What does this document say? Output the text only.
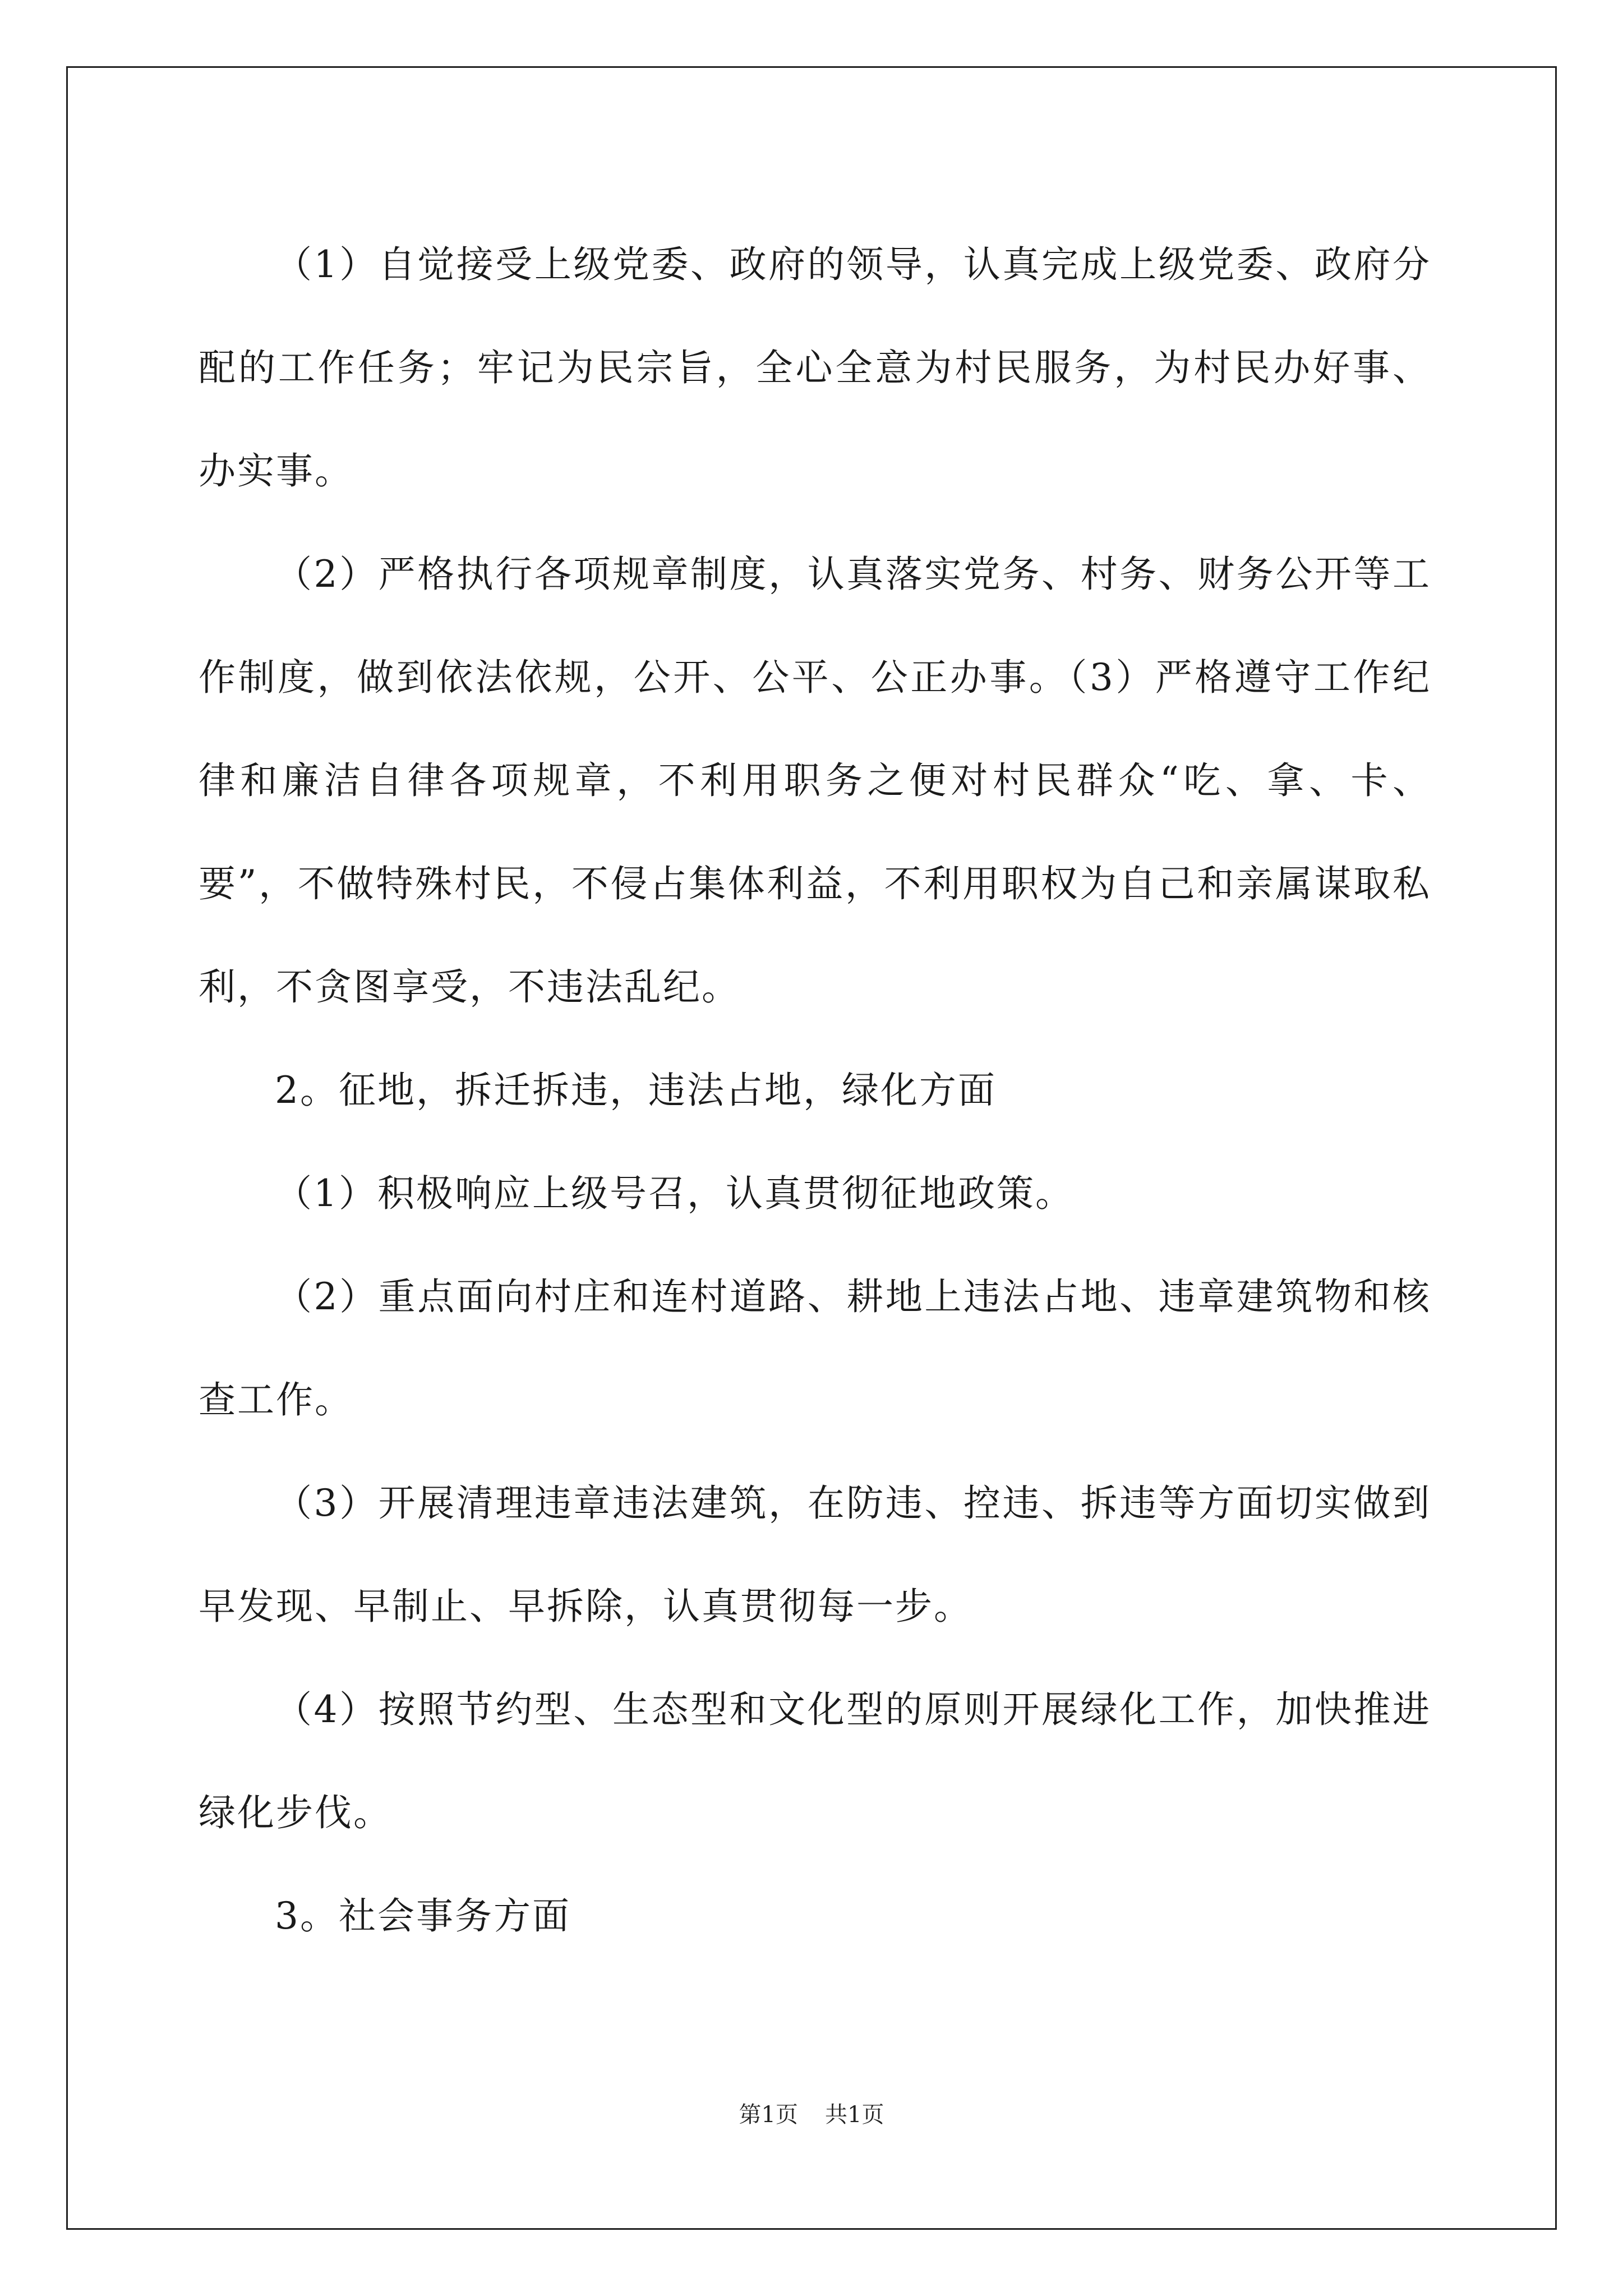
（1）自觉接受上级党委、政府的领导，认真完成上级党委、政府分配的工作任务；牢记为民宗旨，全心全意为村民服务，为村民办好事、办实事。

（2）严格执行各项规章制度，认真落实党务、村务、财务公开等工作制度，做到依法依规，公开、公平、公正办事。（3）严格遵守工作纪律和廉洁自律各项规章，不利用职务之便对村民群众“吃、拿、卡、要”，不做特殊村民，不侵占集体利益，不利用职权为自己和亲属谋取私利，不贪图享受，不违法乱纪。

2。征地，拆迁拆违，违法占地，绿化方面

（1）积极响应上级号召，认真贯彻征地政策。

（2）重点面向村庄和连村道路、耕地上违法占地、违章建筑物和核查工作。

（3）开展清理违章违法建筑，在防违、控违、拆违等方面切实做到早发现、早制止、早拆除，认真贯彻每一步。

（4）按照节约型、生态型和文化型的原则开展绿化工作，加快推进绿化步伐。

3。社会事务方面

第1页 共1页
